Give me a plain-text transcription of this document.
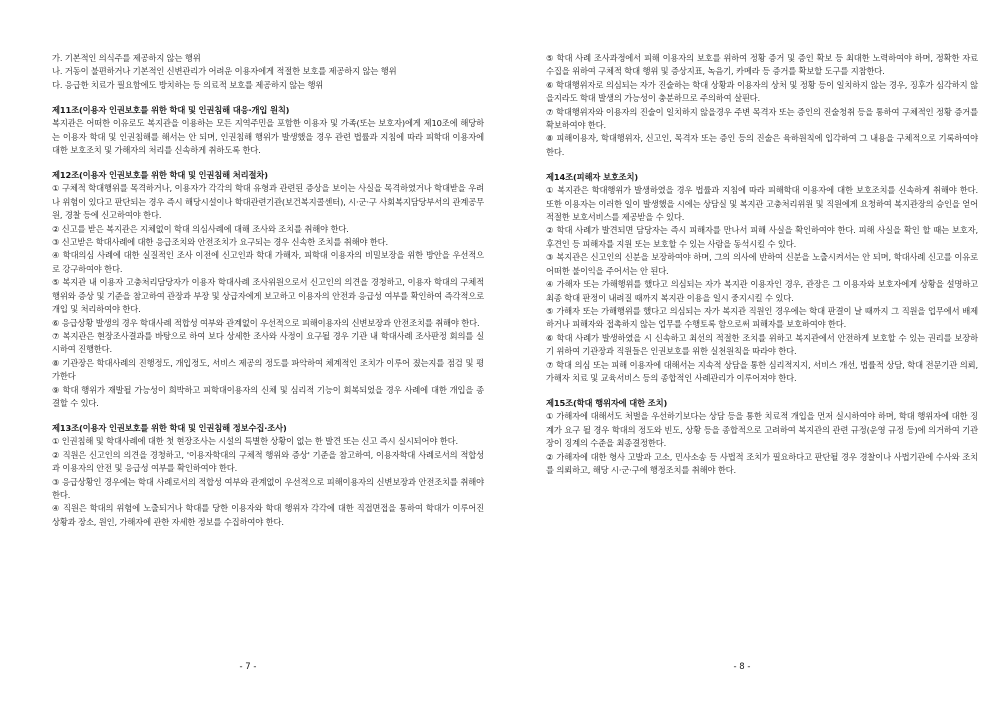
가. 기본적인 의식주를 제공하지 않는 행위

나. 거동이 불편하거나 기본적인 신변관리가 어려운 이용자에게 적절한 보호를 제공하지 않는 행위

다. 응급한 치료가 필요함에도 방치하는 등 의료적 보호를 제공하지 않는 행위

제11조(이용자 인권보호를 위한 학대 및 인권침해 대응·개입 원칙)

복지관은 어떠한 이유로도 복지관을 이용하는 모든 지역주민을 포함한 이용자 및 가족(또는 보호자)에게 제10조에 해당하는 이용자 학대 및 인권침해를 해서는 안 되며, 인권침해 행위가 발생했을 경우 관련 법률과 지침에 따라 피학대 이용자에 대한 보호조치 및 가해자의 처리를 신속하게 취하도록 한다.

제12조(이용자 인권보호를 위한 학대 및 인권침해 처리절차)

① 구체적 학대행위를 목격하거나, 이용자가 각각의 학대 유형과 관련된 증상을 보이는 사실을 목격하였거나 학대받을 우려나 위험이 있다고 판단되는 경우 즉시 해당시설이나 학대관련기관(보건복지콜센터), 시·군·구 사회복지담당부서의 관계공무원, 경찰 등에 신고하여야 한다.

② 신고를 받은 복지관은 지체없이 학대 의심사례에 대해 조사와 조치를 취해야 한다.

③ 신고받은 학대사례에 대한 응급조치와 안전조치가 요구되는 경우 신속한 조치를 취해야 한다.

④ 학대의심 사례에 대한 실질적인 조사 이전에 신고인과 학대 가해자, 피학대 이용자의 비밀보장을 위한 방안을 우선적으로 강구하여야 한다.

⑤ 복지관 내 이용자 고충처리담당자가 이용자 학대사례 조사위원으로서 신고인의 의견을 경청하고, 이용자 학대의 구체적 행위와 증상 및 기준을 참고하여 관장과 부장 및 상급자에게 보고하고 이용자의 안전과 응급성 여부를 확인하여 즉각적으로 개입 및 처리하여야 한다.

⑥ 응급상황 발생의 경우 학대사례 적합성 여부와 관계없이 우선적으로 피해이용자의 신변보장과 안전조치를 취해야 한다.

⑦ 복지관은 현장조사결과를 바탕으로 하여 보다 상세한 조사와 사정이 요구될 경우 기관 내 학대사례 조사판정 회의를 실시하여 진행한다.

⑧ 기관장은 학대사례의 진행정도, 개입정도, 서비스 제공의 정도를 파악하여 체계적인 조치가 이루어 졌는지를 점검 및 평가한다

⑨ 학대 행위가 재발될 가능성이 희박하고 피학대이용자의 신체 및 심리적 기능이 회복되었을 경우 사례에 대한 개입을 종결할 수 있다.

제13조(이용자 인권보호를 위한 학대 및 인권침해 정보수집·조사)

① 인권침해 및 학대사례에 대한 첫 현장조사는 시설의 특별한 상황이 없는 한 발견 또는 신고 즉시 실시되어야 한다.

② 직원은 신고인의 의견을 경청하고, '이용자학대의 구체적 행위와 증상' 기준을 참고하여, 이용자학대 사례로서의 적합성과 이용자의 안전 및 응급성 여부를 확인하여야 한다.

③ 응급상황인 경우에는 학대 사례로서의 적합성 여부와 관계없이 우선적으로 피해이용자의 신변보장과 안전조치를 취해야 한다.

④ 직원은 학대의 위험에 노출되거나 학대를 당한 이용자와 학대 행위자 각각에 대한 직접면접을 통하여 학대가 이루어진 상황과 장소, 원인, 가해자에 관한 자세한 정보를 수집하여야 한다.

⑤ 학대 사례 조사과정에서 피해 이용자의 보호를 위하여 정황 증거 및 증인 확보 등 최대한 노력하여야 하며, 정확한 자료 수집을 위하여 구체적 학대 행위 및 증상지표, 녹음기, 카메라 등 증거를 확보할 도구를 지참한다.

⑥ 학대행위자로 의심되는 자가 진술하는 학대 상황과 이용자의 상처 및 정황 등이 일치하지 않는 경우, 징후가 심각하지 않을지라도 학대 발생의 가능성이 충분하므로 주의하여 살핀다.

⑦ 학대행위자와 이용자의 진술이 일치하지 않을경우 주변 목격자 또는 증인의 진술청취 등을 통하여 구체적인 정황 증거를 확보하여야 한다.

⑧ 피해이용자, 학대행위자, 신고인, 목격자 또는 증인 등의 진술은 육하원칙에 입각하여 그 내용을 구체적으로 기록하여야 한다.

제14조(피해자 보호조치)

① 복지관은 학대행위가 발생하였을 경우 법률과 지침에 따라 피해학대 이용자에 대한 보호조치를 신속하게 취해야 한다. 또한 이용자는 이러한 일이 발생했을 시에는 상담실 및 복지관 고충처리위원 및 직원에게 요청하여 복지관장의 승인을 얻어 적절한 보호서비스를 제공받을 수 있다.

② 학대 사례가 발견되면 담당자는 즉시 피해자를 만나서 피해 사실을 확인하여야 한다. 피해 사실을 확인 할 때는 보호자, 후견인 등 피해자를 지원 또는 보호할 수 있는 사람을 동석시킬 수 있다.

③ 복지관은 신고인의 신분을 보장하여야 하며, 그의 의사에 반하여 신분을 노출시켜서는 안 되며, 학대사례 신고를 이유로 어떠한 불이익을 주어서는 안 된다.

④ 가해자 또는 가해행위를 했다고 의심되는 자가 복지관 이용자인 경우, 관장은 그 이용자와 보호자에게 상황을 설명하고 최종 학대 판정이 내려질 때까지 복지관 이용을 일시 중지시킬 수 있다.

⑤ 가해자 또는 가해행위를 했다고 의심되는 자가 복지관 직원인 경우에는 학대 판결이 날 때까지 그 직원을 업무에서 배제하거나 피해자와 접촉하지 않는 업무를 수행토록 함으로써 피해자를 보호하여야 한다.

⑥ 학대 사례가 발생하였을 시 신속하고 최선의 적절한 조치를 위하고 복지관에서 안전하게 보호할 수 있는 권리를 보장하기 위하여 기관장과 직원들은 인권보호를 위한 실천원칙을 따라야 한다.

⑦ 학대 의심 또는 피해 이용자에 대해서는 지속적 상담을 통한 심리적지지, 서비스 개선, 법률적 상담, 학대 전문기관 의뢰, 가해자 치료 및 교육서비스 등의 종합적인 사례관리가 이루어져야 한다.

제15조(학대 행위자에 대한 조치)

① 가해자에 대해서도 처벌을 우선하기보다는 상담 등을 통한 치료적 개입을 먼저 실시하여야 하며, 학대 행위자에 대한 징계가 요구 될 경우 학대의 정도와 빈도, 상황 등을 종합적으로 고려하여 복지관의 관련 규정(운영 규정 등)에 의거하여 기관장이 징계의 수준을 최종결정한다.

② 가해자에 대한 형사 고발과 고소, 민사소송 등 사법적 조치가 필요하다고 판단될 경우 경찰이나 사법기관에 수사와 조치를 의뢰하고, 해당 시·군·구에 행정조치를 취해야 한다.

- 7 -	- 8 -
